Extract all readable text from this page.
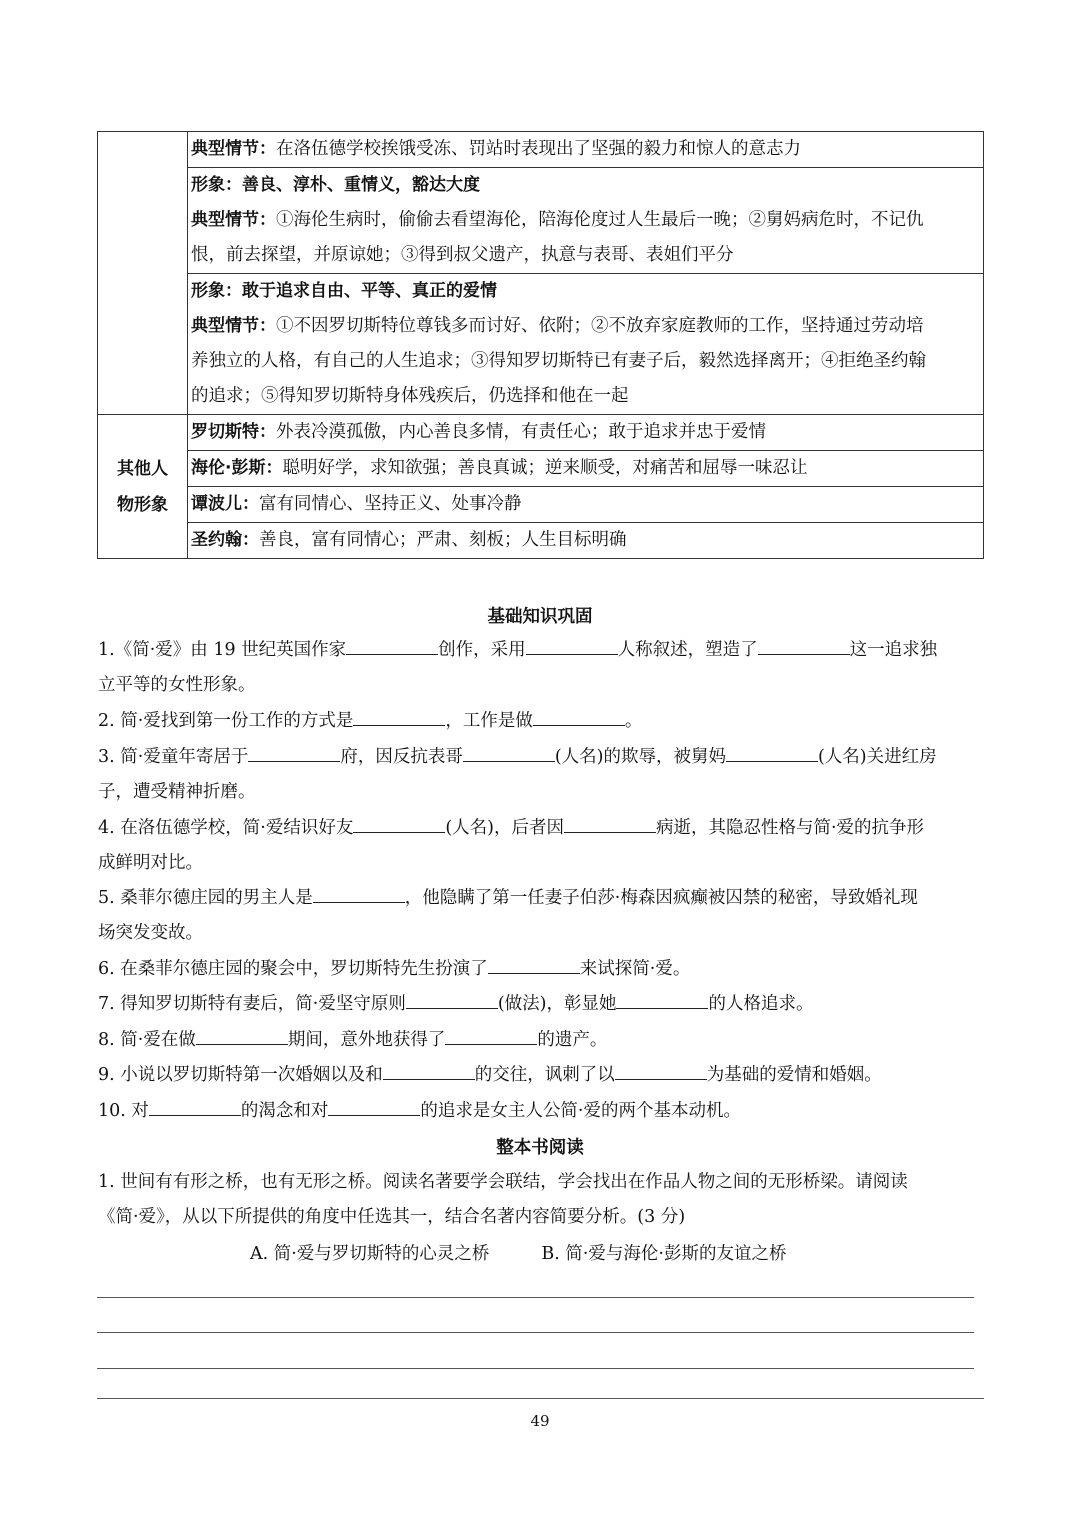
	典型情节：在洛伍德学校挨饿受冻、罚站时表现出了坚强的毅力和惊人的意志力

	形象：善良、淳朴、重情义，豁达大度
典型情节：①海伦生病时，偷偷去看望海伦，陪海伦度过人生最后一晚；②舅妈病危时，不记仇
恨，前去探望，并原谅她；③得到叔父遗产，执意与表哥、表姐们平分

	形象：敢于追求自由、平等、真正的爱情
典型情节：①不因罗切斯特位尊钱多而讨好、依附；②不放弃家庭教师的工作，坚持通过劳动培
养独立的人格，有自己的人生追求；③得知罗切斯特已有妻子后，毅然选择离开；④拒绝圣约翰
的追求；⑤得知罗切斯特身体残疾后，仍选择和他在一起

其他人
物形象	罗切斯特：外表冷漠孤傲，内心善良多情，有责任心；敢于追求并忠于爱情
	海伦·彭斯：聪明好学，求知欲强；善良真诚；逆来顺受，对痛苦和屈辱一味忍让
	谭波儿：富有同情心、坚持正义、处事冷静
	圣约翰：善良，富有同情心；严肃、刻板；人生目标明确
基础知识巩固
1.《简·爱》由 19 世纪英国作家	创作，采用	人称叙述，塑造了	这一追求独
立平等的女性形象。
2. 简·爱找到第一份工作的方式是	，工作是做	。
3. 简·爱童年寄居于	府，因反抗表哥	(人名)的欺辱，被舅妈	(人名)关进红房
子，遭受精神折磨。
4. 在洛伍德学校，简·爱结识好友	(人名)，后者因	病逝，其隐忍性格与简·爱的抗争形
成鲜明对比。
5. 桑菲尔德庄园的男主人是	，他隐瞒了第一任妻子伯莎·梅森因疯癫被囚禁的秘密，导致婚礼现
场突发变故。
6. 在桑菲尔德庄园的聚会中，罗切斯特先生扮演了	来试探简·爱。
7. 得知罗切斯特有妻后，简·爱坚守原则	(做法)，彰显她	的人格追求。
8. 简·爱在做	期间，意外地获得了	的遗产。
9. 小说以罗切斯特第一次婚姻以及和	的交往，讽刺了以	为基础的爱情和婚姻。
10. 对	的渴念和对	的追求是女主人公简·爱的两个基本动机。
整本书阅读
1. 世间有有形之桥，也有无形之桥。阅读名著要学会联结，学会找出在作品人物之间的无形桥梁。请阅读
《简·爱》，从以下所提供的角度中任选其一，结合名著内容简要分析。(3 分)
A. 简·爱与罗切斯特的心灵之桥	B. 简·爱与海伦·彭斯的友谊之桥
49
